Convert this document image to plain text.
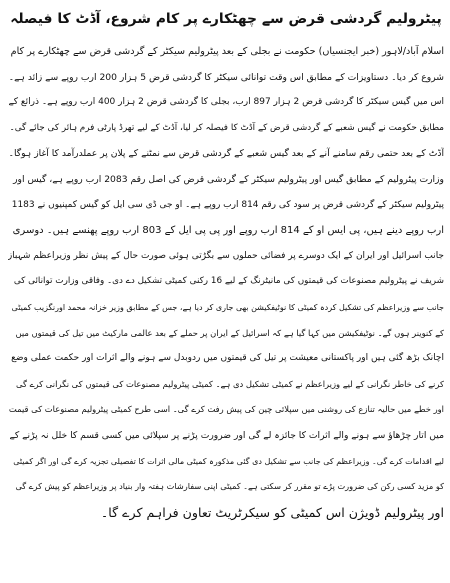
پیٹرولیم گردشی قرض سے چھٹکارے پر کام شروع، آڈٹ کا فیصلہ
اسلام آباد/لاہور (خبر ایجنسیاں) حکومت نے بجلی کے بعد پیٹرولیم سیکٹر کے گردشی قرض سے چھٹکارے پر کام
شروع کر دیا۔ دستاویزات کے مطابق اس وقت توانائی سیکٹر کا گردشی قرض 5 ہزار 200 ارب روپے سے زائد ہے۔
اس میں گیس سیکٹر کا گردشی قرض 2 ہزار 897 ارب، بجلی کا گردشی قرض 2 ہزار 400 ارب روپے ہے۔ ذرائع کے
مطابق حکومت نے گیس شعبے کے گردشی قرض کے آڈٹ کا فیصلہ کر لیا، آڈٹ کے لیے تھرڈ پارٹی فرم ہائر کی جائے گی۔
آڈٹ کے بعد حتمی رقم سامنے آنے کے بعد گیس شعبے کے گردشی قرض سے نمٹنے کے پلان پر عملدرآمد کا آغاز ہوگا۔
وزارت پیٹرولیم کے مطابق گیس اور پیٹرولیم سیکٹر کے گردشی قرض کی اصل رقم 2083 ارب روپے ہے، گیس اور
پیٹرولیم سیکٹر کے گردشی قرض پر سود کی رقم 814 ارب روپے ہے۔ او جی ڈی سی ایل کو گیس کمپنیوں نے 1183
ارب روپے دینے ہیں، پی ایس او کے 814 ارب روپے اور پی پی ایل کے 803 ارب روپے پھنسے ہیں۔ دوسری
جانب اسرائیل اور ایران کے ایک دوسرے پر فضائی حملوں سے بگڑتی ہوئی صورت حال کے پیش نظر وزیراعظم شہباز
شریف نے پیٹرولیم مصنوعات کی قیمتوں کی مانیٹرنگ کے لیے 16 رکنی کمیٹی تشکیل دے دی۔ وفاقی وزارت توانائی کی
جانب سے وزیراعظم کی تشکیل کردہ کمیٹی کا نوٹیفکیشن بھی جاری کر دیا ہے، جس کے مطابق وزیر خزانہ محمد اورنگزیب کمیٹی
کے کنوینر ہوں گے۔ نوٹیفکیشن میں کہا گیا ہے کہ اسرائیل کے ایران پر حملے کے بعد عالمی مارکیٹ میں تیل کی قیمتوں میں
اچانک بڑھ گئی ہیں اور پاکستانی معیشت پر تیل کی قیمتوں میں ردوبدل سے ہونے والے اثرات اور حکمت عملی وضع
کرنے کی خاطر نگرانی کے لیے وزیراعظم نے کمیٹی تشکیل دی ہے۔ کمیٹی پیٹرولیم مصنوعات کی قیمتوں کی نگرانی کرے گی
اور خطے میں حالیہ تنازع کی روشنی میں سپلائی چین کی پیش رفت کرے گی۔ اسی طرح کمیٹی پیٹرولیم مصنوعات کی قیمت
میں اتار چڑھاؤ سے ہونے والے اثرات کا جائزہ لے گی اور ضرورت پڑنے پر سپلائی میں کسی قسم کا خلل نہ پڑنے کے
لیے اقدامات کرے گی۔ وزیراعظم کی جانب سے تشکیل دی گئی مذکورہ کمیٹی مالی اثرات کا تفصیلی تجزیہ کرے گی اور اگر کمیٹی
کو مزید کسی رکن کی ضرورت پڑے تو مقرر کر سکتی ہے۔ کمیٹی اپنی سفارشات ہفتہ وار بنیاد پر وزیراعظم کو پیش کرے گی
اور پیٹرولیم ڈویژن اس کمیٹی کو سیکرٹریٹ تعاون فراہم کرے گا۔
